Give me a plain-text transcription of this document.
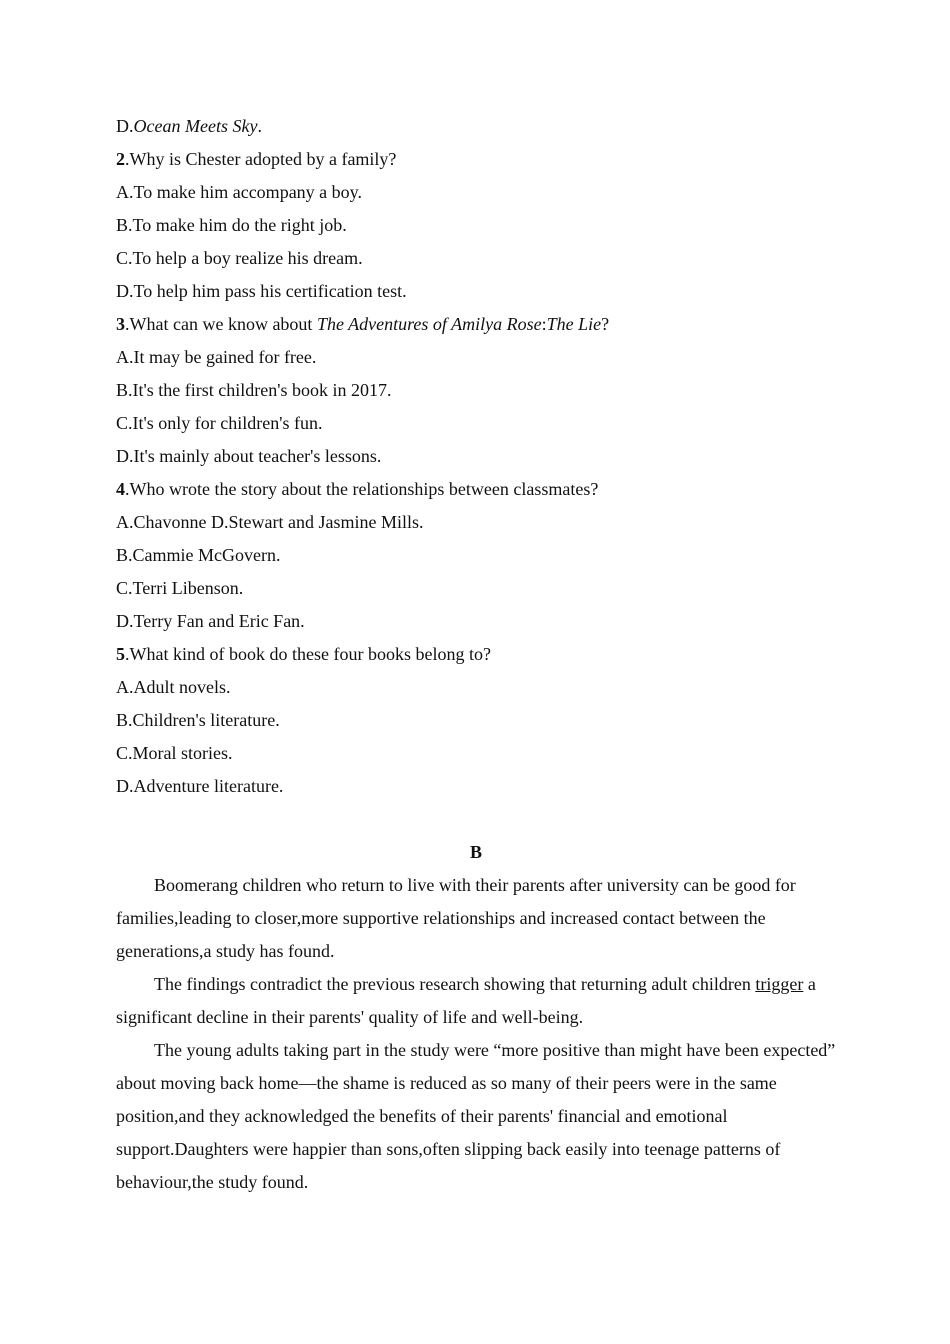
D.Ocean Meets Sky.
2.Why is Chester adopted by a family?
A.To make him accompany a boy.
B.To make him do the right job.
C.To help a boy realize his dream.
D.To help him pass his certification test.
3.What can we know about The Adventures of Amilya Rose:The Lie?
A.It may be gained for free.
B.It's the first children's book in 2017.
C.It's only for children's fun.
D.It's mainly about teacher's lessons.
4.Who wrote the story about the relationships between classmates?
A.Chavonne D.Stewart and Jasmine Mills.
B.Cammie McGovern.
C.Terri Libenson.
D.Terry Fan and Eric Fan.
5.What kind of book do these four books belong to?
A.Adult novels.
B.Children's literature.
C.Moral stories.
D.Adventure literature.
B

Boomerang children who return to live with their parents after university can be good for families,leading to closer,more supportive relationships and increased contact between the generations,a study has found.

The findings contradict the previous research showing that returning adult children trigger a significant decline in their parents' quality of life and well-being.

The young adults taking part in the study were “more positive than might have been expected” about moving back home—the shame is reduced as so many of their peers were in the same position,and they acknowledged the benefits of their parents' financial and emotional support.Daughters were happier than sons,often slipping back easily into teenage patterns of behaviour,the study found.
